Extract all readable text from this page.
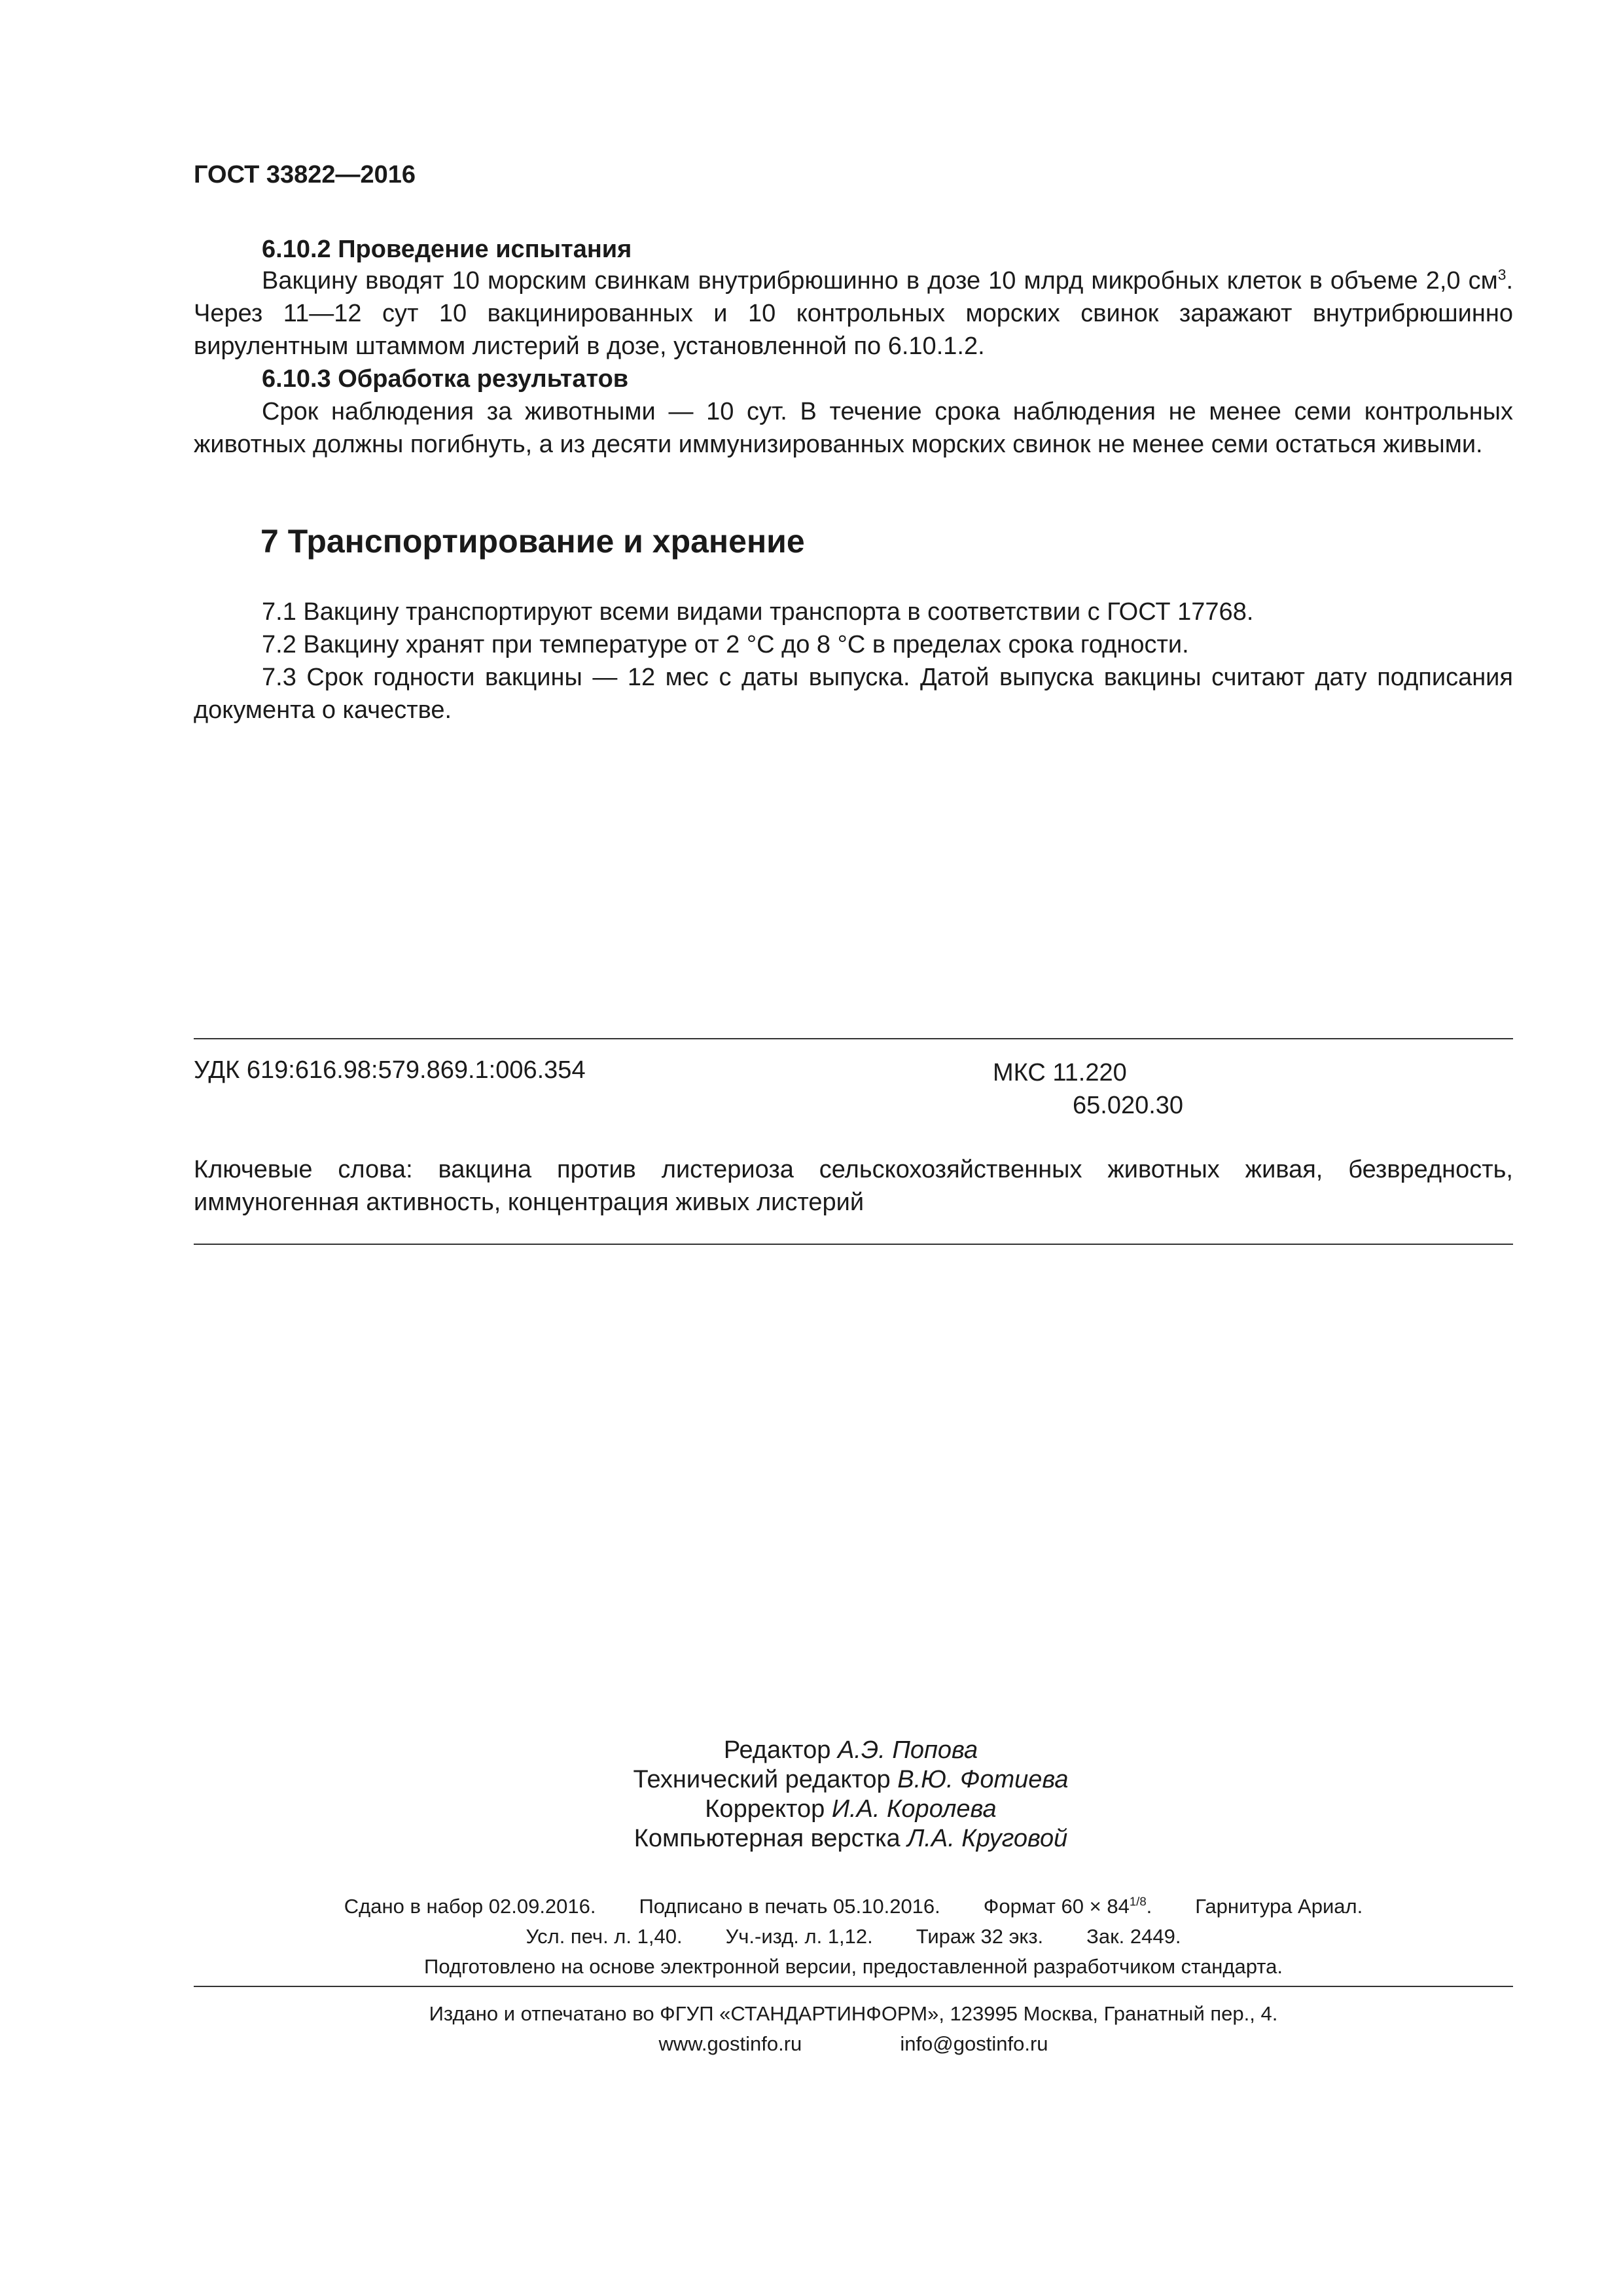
ГОСТ 33822—2016
6.10.2 Проведение испытания
Вакцину вводят 10 морским свинкам внутрибрюшинно в дозе 10 млрд микробных клеток в объеме 2,0 $см^3$. Через 11—12 сут 10 вакцинированных и 10 контрольных морских свинок заражают внутрибрюшинно вирулентным штаммом листерий в дозе, установленной по 6.10.1.2.
6.10.3 Обработка результатов
Срок наблюдения за животными — 10 сут. В течение срока наблюдения не менее семи контрольных животных должны погибнуть, а из десяти иммунизированных морских свинок не менее семи остаться живыми.
7 Транспортирование и хранение
7.1 Вакцину транспортируют всеми видами транспорта в соответствии с ГОСТ 17768.
7.2 Вакцину хранят при температуре от 2 °С до 8 °С в пределах срока годности.
7.3 Срок годности вакцины — 12 мес с даты выпуска. Датой выпуска вакцины считают дату подписания документа о качестве.
УДК 619:616.98:579.869.1:006.354	МКС 11.220
65.020.30
Ключевые слова: вакцина против листериоза сельскохозяйственных животных живая, безвредность, иммуногенная активность, концентрация живых листерий
Редактор А.Э. Попова
Технический редактор В.Ю. Фотиева
Корректор И.А. Королева
Компьютерная верстка Л.А. Круговой
Сдано в набор 02.09.2016. Подписано в печать 05.10.2016. Формат $60 \times 84^{1/8}$. Гарнитура Ариал.
Усл. печ. л. 1,40. Уч.-изд. л. 1,12. Тираж 32 экз. Зак. 2449.
Подготовлено на основе электронной версии, предоставленной разработчиком стандарта.
Издано и отпечатано во ФГУП «СТАНДАРТИНФОРМ», 123995 Москва, Гранатный пер., 4.
www.gostinfo.ru	info@gostinfo.ru
